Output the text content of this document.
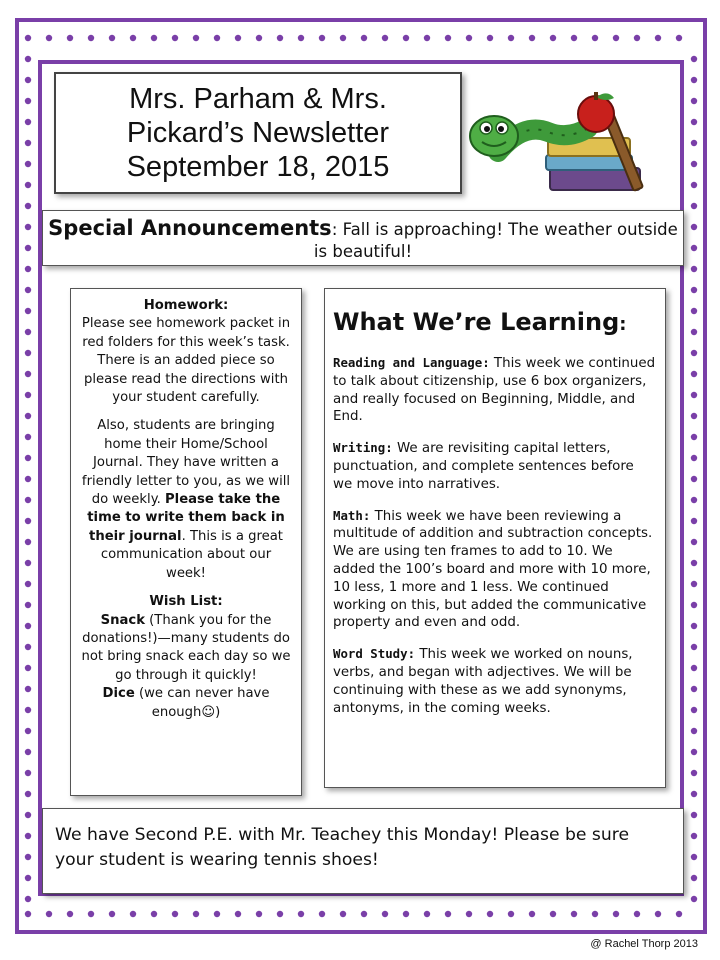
Mrs. Parham & Mrs.
Pickard’s Newsletter
September 18, 2015
Special Announcements: Fall is approaching! The weather outside is beautiful!

Homework:
Please see homework packet in red folders for this week’s task. There is an added piece so please read the directions with your student carefully.

Also, students are bringing home their Home/School Journal. They have written a friendly letter to you, as we will do weekly. Please take the time to write them back in their journal. This is a great communication about our week!

Wish List:
Snack (Thank you for the donations!)—many students do not bring snack each day so we go through it quickly!
Dice (we can never have enough☺)

What We’re Learning:

Reading and Language: This week we continued to talk about citizenship, use 6 box organizers, and really focused on Beginning, Middle, and End.

Writing: We are revisiting capital letters, punctuation, and complete sentences before we move into narratives.

Math: This week we have been reviewing a multitude of addition and subtraction concepts. We are using ten frames to add to 10. We added the 100’s board and more with 10 more, 10 less, 1 more and 1 less. We continued working on this, but added the communicative property and even and odd.

Word Study: This week we worked on nouns, verbs, and began with adjectives. We will be continuing with these as we add synonyms, antonyms, in the coming weeks.

We have Second P.E. with Mr. Teachey this Monday! Please be sure your student is wearing tennis shoes!
@ Rachel Thorp 2013
